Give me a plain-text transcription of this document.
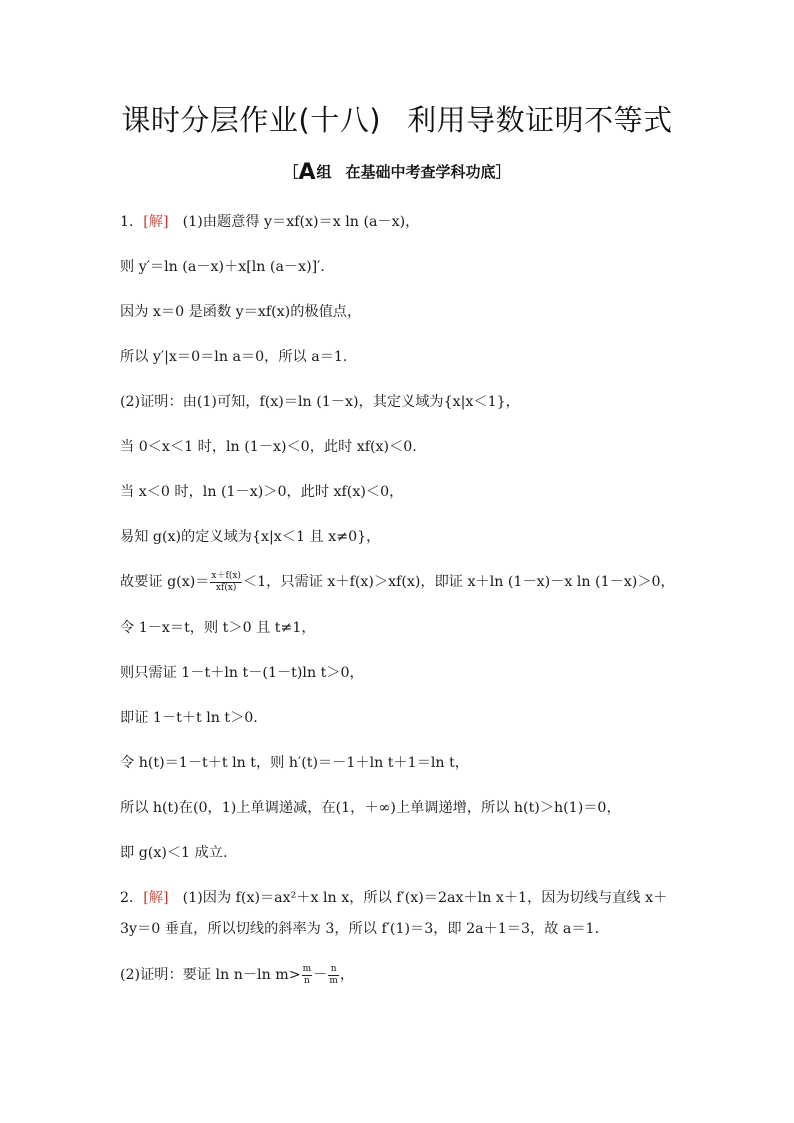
课时分层作业(十八) 利用导数证明不等式
［A组 在基础中考查学科功底］

1．[解]　(1)由题意得 y＝xf(x)＝x ln (a－x)，

则 y′＝ln (a－x)＋x[ln (a－x)]′.

因为 x＝0 是函数 y＝xf(x)的极值点，

所以 y′|x＝0＝ln a＝0，所以 a＝1.

(2)证明：由(1)可知，f(x)＝ln (1－x)，其定义域为{x|x＜1}，

当 0＜x＜1 时，ln (1－x)＜0，此时 xf(x)＜0.

当 x＜0 时，ln (1－x)＞0，此时 xf(x)＜0，

易知 g(x)的定义域为{x|x＜1 且 x≠0}，

故要证 $g(x)= \frac{x+f(x)}{xf(x)} <1$，只需证 x＋f(x)＞xf(x)，即证 x＋ln (1－x)－x ln (1－x)＞0，

令 1－x＝t，则 t＞0 且 t≠1，

则只需证 1－t＋ln t－(1－t)ln t＞0，

即证 1－t＋t ln t＞0.

令 h(t)＝1－t＋t ln t，则 h′(t)＝－1＋ln t＋1＝ln t，

所以 h(t)在(0，1)上单调递减，在(1，＋∞)上单调递增，所以 h(t)＞h(1)＝0，

即 g(x)＜1 成立.

2．[解]　(1)因为 f(x)＝ax²＋x ln x，所以 f′(x)＝2ax＋ln x＋1，因为切线与直线 x＋3y＝0 垂直，所以切线的斜率为 3，所以 f′(1)＝3，即 2a＋1＝3，故 a＝1.

(2)证明：要证 ln n－ln $m> \frac{m}{n} - \frac{n}{m}$ ，
